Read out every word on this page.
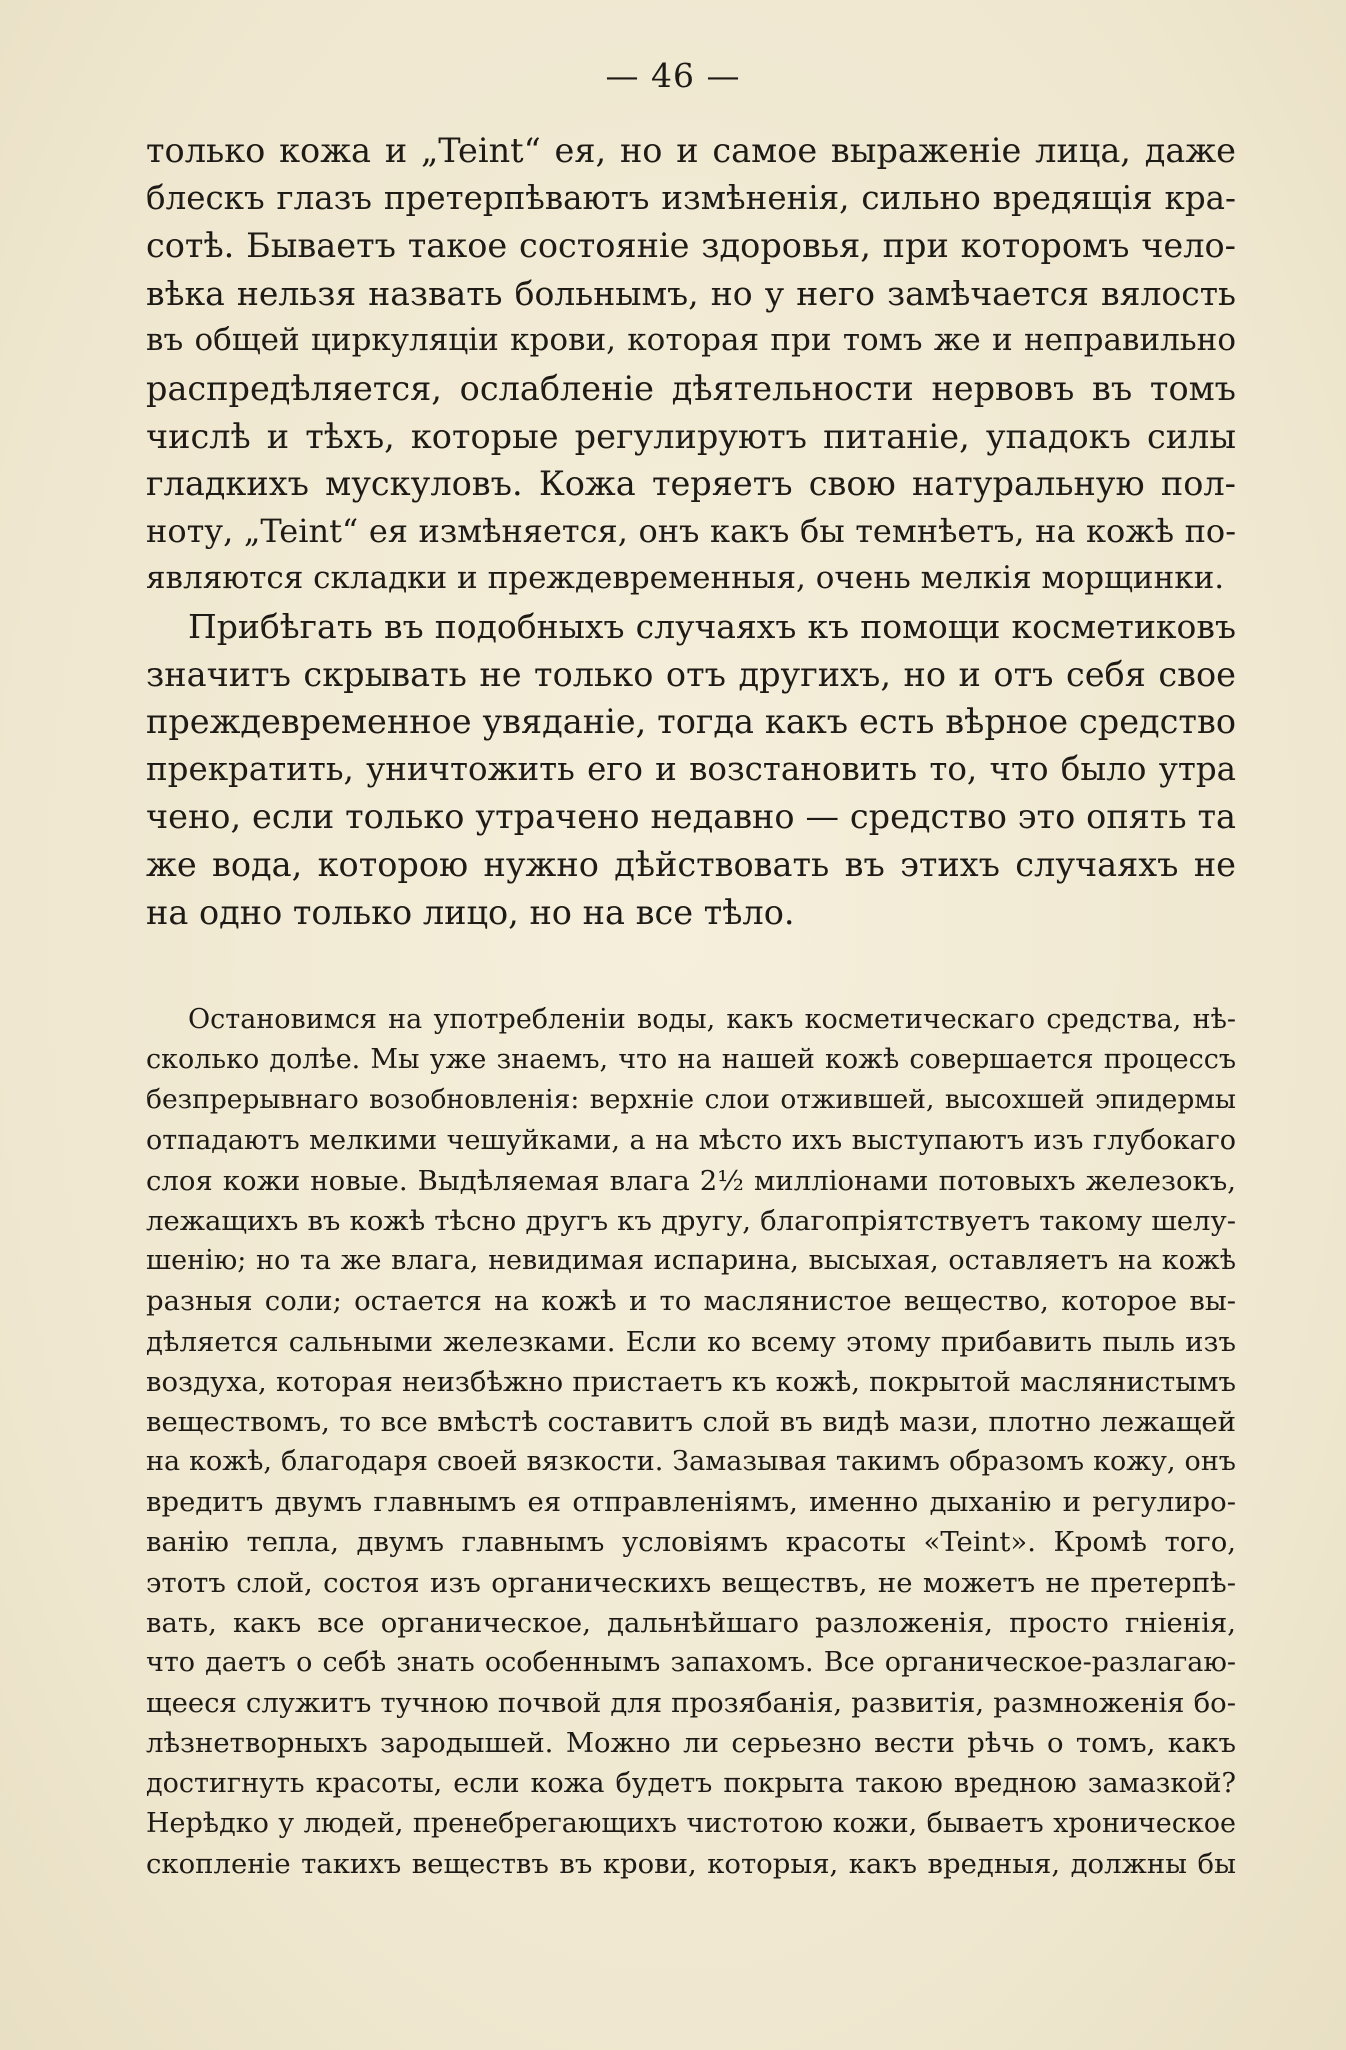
— 46 —

только кожа и „Teint“ ея, но и самое выраженіе лица, даже
блескъ глазъ претерпѣваютъ измѣненія, сильно вредящія кра-
сотѣ. Бываетъ такое состояніе здоровья, при которомъ чело-
вѣка нельзя назвать больнымъ, но у него замѣчается вялость
въ общей циркуляціи крови, которая при томъ же и неправильно
распредѣляется, ослабленіе дѣятельности нервовъ въ томъ
числѣ и тѣхъ, которые регулируютъ питаніе, упадокъ силы
гладкихъ мускуловъ. Кожа теряетъ свою натуральную пол-
ноту, „Teint“ ея измѣняется, онъ какъ бы темнѣетъ, на кожѣ по-
являются складки и преждевременныя, очень мелкія морщинки.

Прибѣгать въ подобныхъ случаяхъ къ помощи косметиковъ
значитъ скрывать не только отъ другихъ, но и отъ себя свое
преждевременное увяданіе, тогда какъ есть вѣрное средство
прекратить, уничтожить его и возстановить то, что было утра
чено, если только утрачено недавно — средство это опять та
же вода, которою нужно дѣйствовать въ этихъ случаяхъ не
на одно только лицо, но на все тѣло.

Остановимся на употребленіи воды, какъ косметическаго средства, нѣ-
сколько долѣе. Мы уже знаемъ, что на нашей кожѣ совершается процессъ
безпрерывнаго возобновленія: верхніе слои отжившей, высохшей эпидермы
отпадаютъ мелкими чешуйками, а на мѣсто ихъ выступаютъ изъ глубокаго
слоя кожи новые. Выдѣляемая влага 2½ милліонами потовыхъ железокъ,
лежащихъ въ кожѣ тѣсно другъ къ другу, благопріятствуетъ такому шелу-
шенію; но та же влага, невидимая испарина, высыхая, оставляетъ на кожѣ
разныя соли; остается на кожѣ и то маслянистое вещество, которое вы-
дѣляется сальными железками. Если ко всему этому прибавить пыль изъ
воздуха, которая неизбѣжно пристаетъ къ кожѣ, покрытой маслянистымъ
веществомъ, то все вмѣстѣ составитъ слой въ видѣ мази, плотно лежащей
на кожѣ, благодаря своей вязкости. Замазывая такимъ образомъ кожу, онъ
вредитъ двумъ главнымъ ея отправленіямъ, именно дыханію и регулиро-
ванію тепла, двумъ главнымъ условіямъ красоты «Teint». Кромѣ того,
этотъ слой, состоя изъ органическихъ веществъ, не можетъ не претерпѣ-
вать, какъ все органическое, дальнѣйшаго разложенія, просто гніенія,
что даетъ о себѣ знать особеннымъ запахомъ. Все органическое-разлагаю-
щееся служитъ тучною почвой для прозябанія, развитія, размноженія бо-
лѣзнетворныхъ зародышей. Можно ли серьезно вести рѣчь о томъ, какъ
достигнуть красоты, если кожа будетъ покрыта такою вредною замазкой?
Нерѣдко у людей, пренебрегающихъ чистотою кожи, бываетъ хроническое
скопленіе такихъ веществъ въ крови, которыя, какъ вредныя, должны бы
